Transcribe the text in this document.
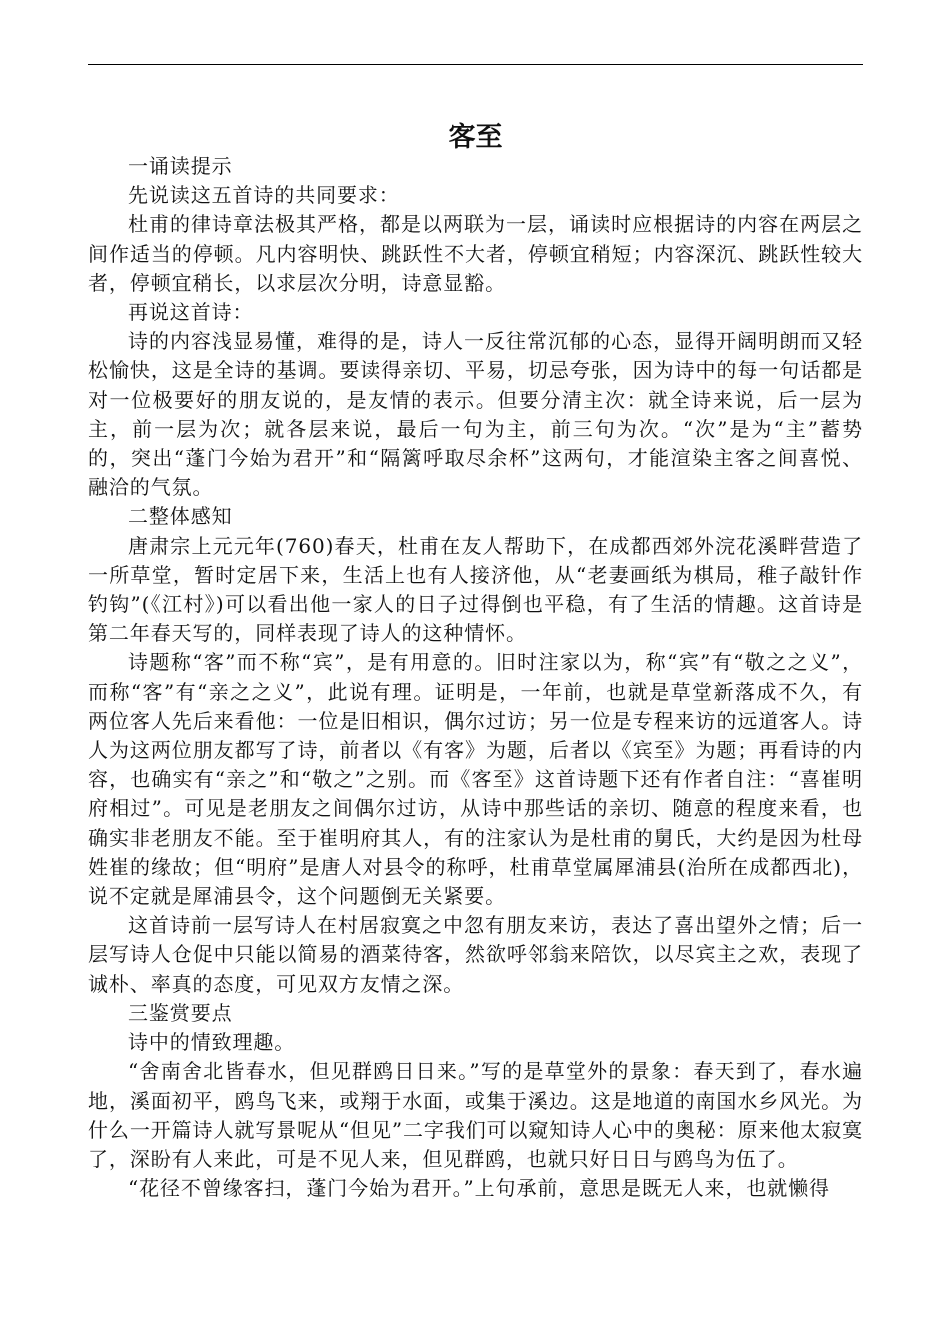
客至

一诵读提示

先说读这五首诗的共同要求：

杜甫的律诗章法极其严格，都是以两联为一层，诵读时应根据诗的内容在两层之间作适当的停顿。凡内容明快、跳跃性不大者，停顿宜稍短；内容深沉、跳跃性较大者，停顿宜稍长，以求层次分明，诗意显豁。

再说这首诗：

诗的内容浅显易懂，难得的是，诗人一反往常沉郁的心态，显得开阔明朗而又轻松愉快，这是全诗的基调。要读得亲切、平易，切忌夸张，因为诗中的每一句话都是对一位极要好的朋友说的，是友情的表示。但要分清主次：就全诗来说，后一层为主，前一层为次；就各层来说，最后一句为主，前三句为次。“次”是为“主”蓄势的，突出“蓬门今始为君开”和“隔篱呼取尽余杯”这两句，才能渲染主客之间喜悦、融洽的气氛。

二整体感知

唐肃宗上元元年(760)春天，杜甫在友人帮助下，在成都西郊外浣花溪畔营造了一所草堂，暂时定居下来，生活上也有人接济他，从“老妻画纸为棋局，稚子敲针作钓钩”(《江村》)可以看出他一家人的日子过得倒也平稳，有了生活的情趣。这首诗是第二年春天写的，同样表现了诗人的这种情怀。

诗题称“客”而不称“宾”，是有用意的。旧时注家以为，称“宾”有“敬之之义”，而称“客”有“亲之之义”，此说有理。证明是，一年前，也就是草堂新落成不久，有两位客人先后来看他：一位是旧相识，偶尔过访；另一位是专程来访的远道客人。诗人为这两位朋友都写了诗，前者以《有客》为题，后者以《宾至》为题；再看诗的内容，也确实有“亲之”和“敬之”之别。而《客至》这首诗题下还有作者自注：“喜崔明府相过”。可见是老朋友之间偶尔过访，从诗中那些话的亲切、随意的程度来看，也确实非老朋友不能。至于崔明府其人，有的注家认为是杜甫的舅氏，大约是因为杜母姓崔的缘故；但“明府”是唐人对县令的称呼，杜甫草堂属犀浦县(治所在成都西北)，说不定就是犀浦县令，这个问题倒无关紧要。

这首诗前一层写诗人在村居寂寞之中忽有朋友来访，表达了喜出望外之情；后一层写诗人仓促中只能以简易的酒菜待客，然欲呼邻翁来陪饮，以尽宾主之欢，表现了诚朴、率真的态度，可见双方友情之深。

三鉴赏要点

诗中的情致理趣。

“舍南舍北皆春水，但见群鸥日日来。”写的是草堂外的景象：春天到了，春水遍地，溪面初平，鸥鸟飞来，或翔于水面，或集于溪边。这是地道的南国水乡风光。为什么一开篇诗人就写景呢从“但见”二字我们可以窥知诗人心中的奥秘：原来他太寂寞了，深盼有人来此，可是不见人来，但见群鸥，也就只好日日与鸥鸟为伍了。

“花径不曾缘客扫，蓬门今始为君开。”上句承前，意思是既无人来，也就懒得
